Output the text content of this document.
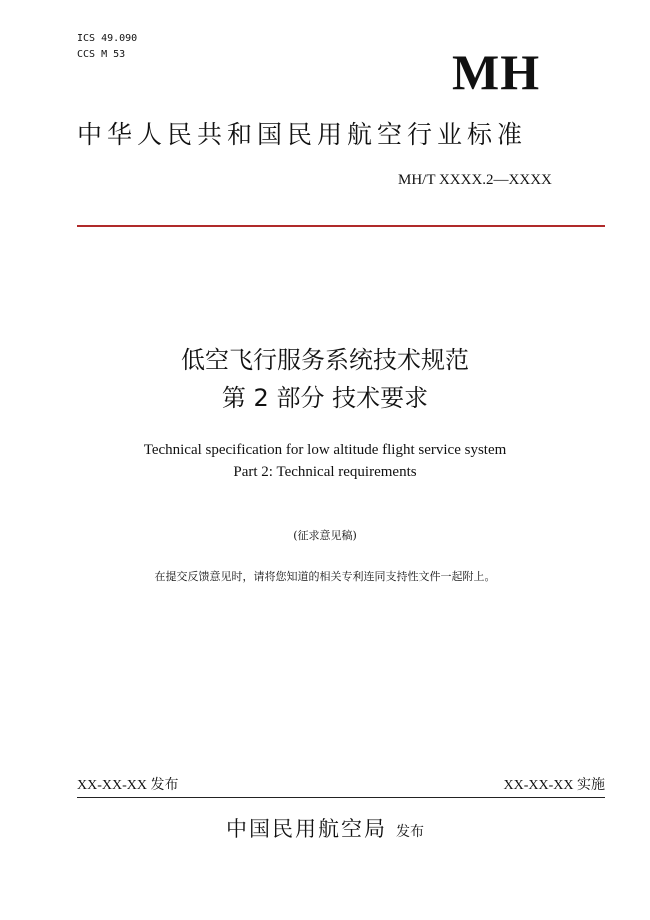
ICS 49.090
CCS M 53	MH
中华人民共和国民用航空行业标准
MH/T XXXX.2—XXXX
低空飞行服务系统技术规范
第 2 部分 技术要求
Technical specification for low altitude flight service system
Part 2: Technical requirements
(征求意见稿)
在提交反馈意见时，请将您知道的相关专利连同支持性文件一起附上。
XX-XX-XX 发布	XX-XX-XX 实施
中国民用航空局 发布
